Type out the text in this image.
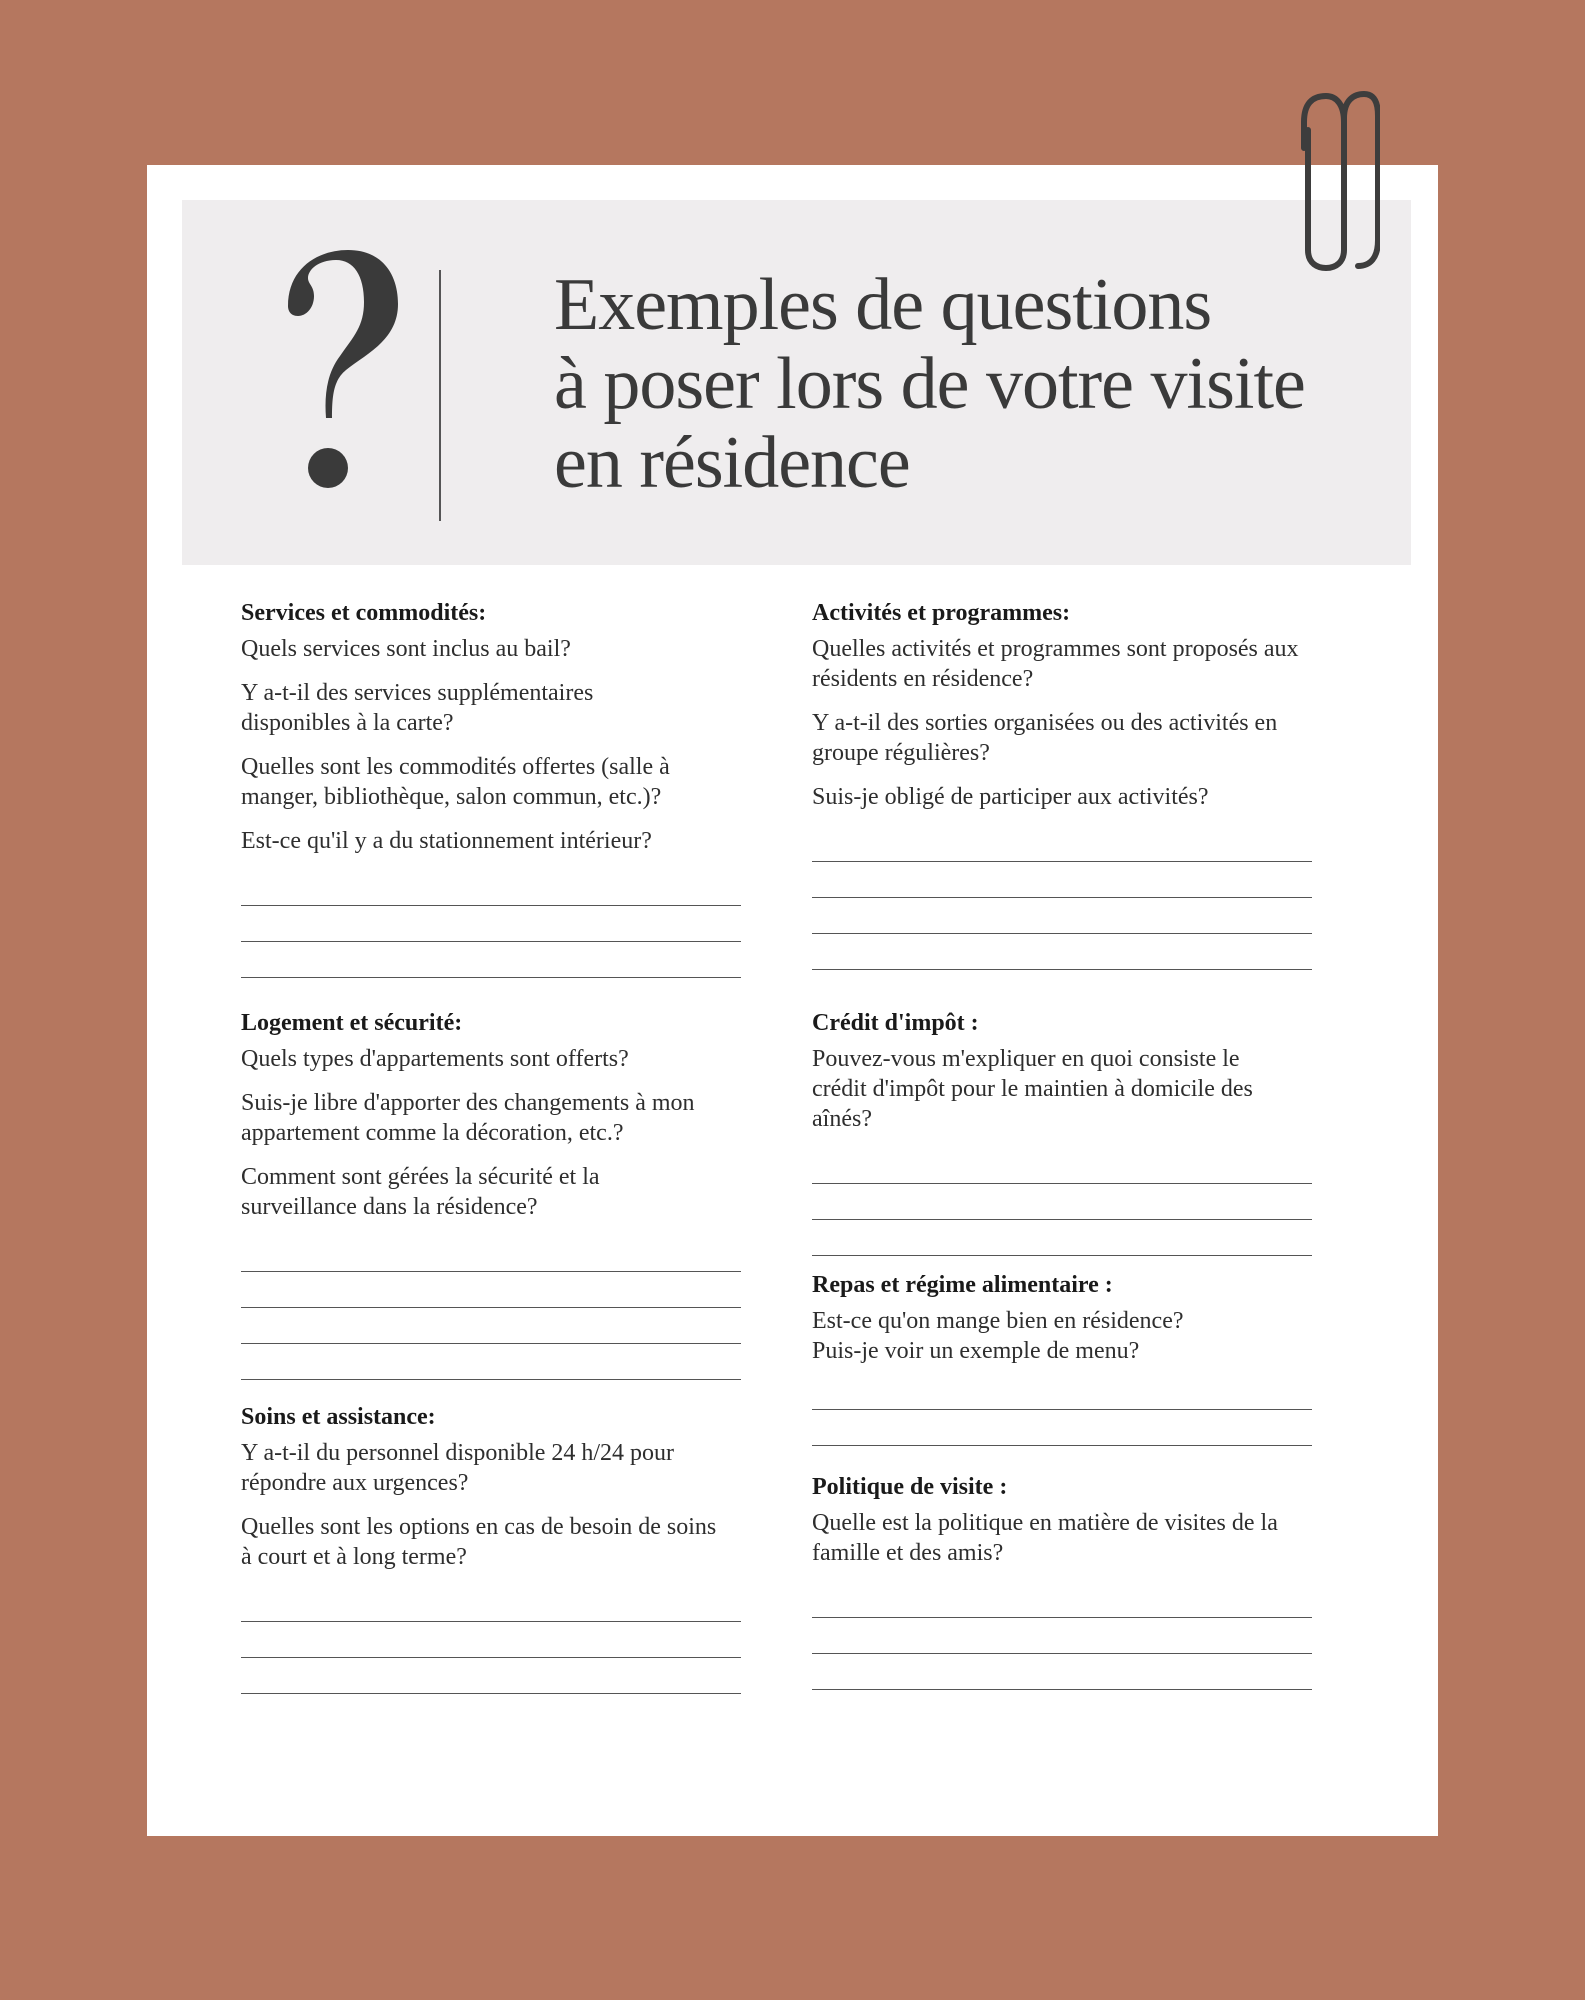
Exemples de questions
à poser lors de votre visite
en résidence

Services et commodités:

Quels services sont inclus au bail?

Y a-t-il des services supplémentaires disponibles à la carte?

Quelles sont les commodités offertes (salle à manger, bibliothèque, salon commun, etc.)?

Est-ce qu'il y a du stationnement intérieur?

Logement et sécurité:

Quels types d'appartements sont offerts?

Suis-je libre d'apporter des changements à mon appartement comme la décoration, etc.?

Comment sont gérées la sécurité et la surveillance dans la résidence?

Soins et assistance:

Y a-t-il du personnel disponible 24 h/24 pour répondre aux urgences?

Quelles sont les options en cas de besoin de soins à court et à long terme?

Activités et programmes:

Quelles activités et programmes sont proposés aux résidents en résidence?

Y a-t-il des sorties organisées ou des activités en groupe régulières?

Suis-je obligé de participer aux activités?

Crédit d'impôt :

Pouvez-vous m'expliquer en quoi consiste le crédit d'impôt pour le maintien à domicile des aînés?

Repas et régime alimentaire :

Est-ce qu'on mange bien en résidence? Puis-je voir un exemple de menu?

Politique de visite :

Quelle est la politique en matière de visites de la famille et des amis?
